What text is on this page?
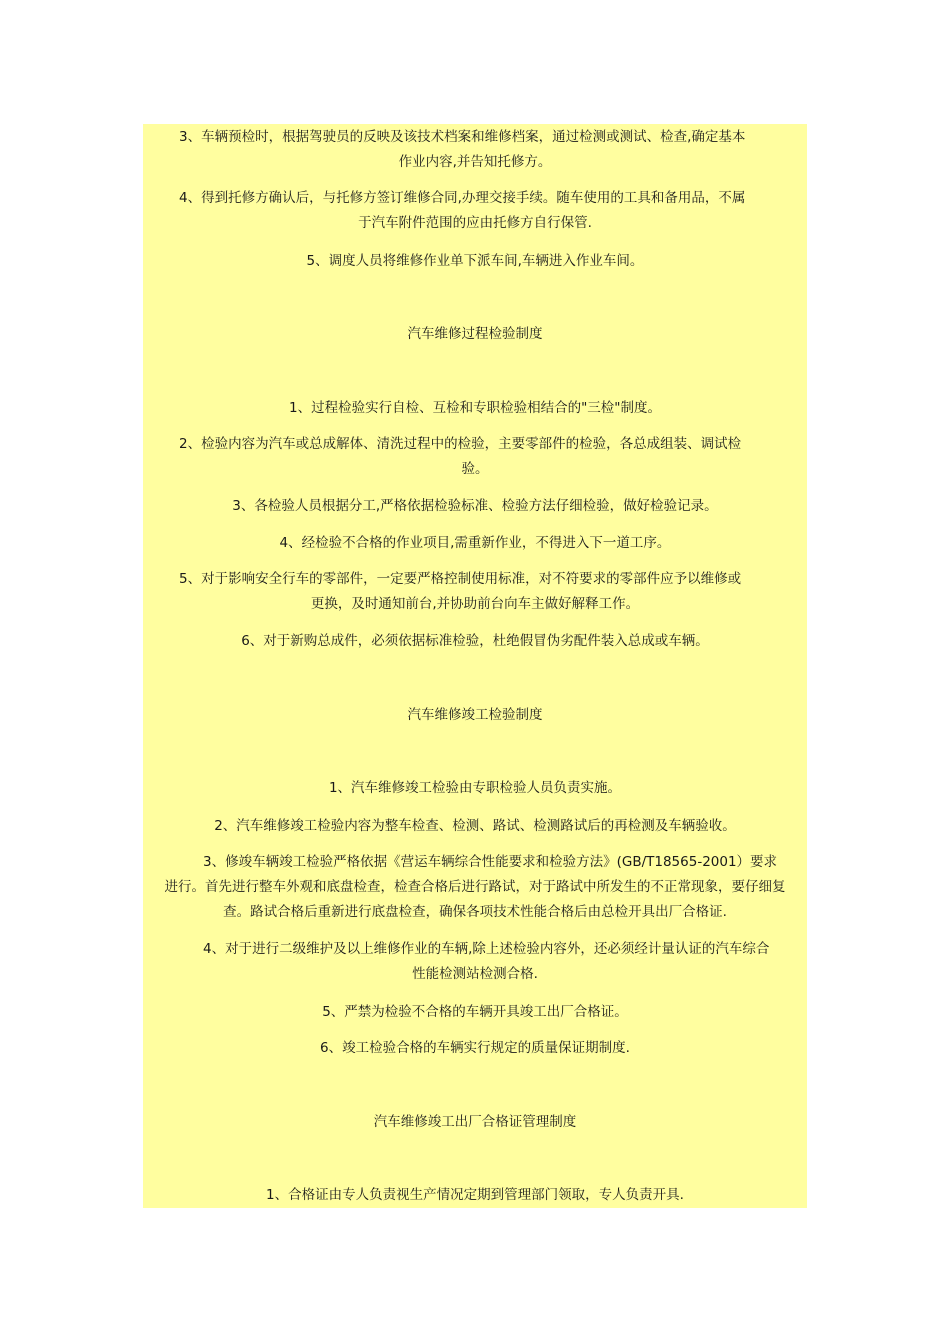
3、车辆预检时，根据驾驶员的反映及该技术档案和维修档案，通过检测或测试、检查,确定基本

作业内容,并告知托修方。

4、得到托修方确认后，与托修方签订维修合同,办理交接手续。随车使用的工具和备用品，不属

于汽车附件范围的应由托修方自行保管.

5、调度人员将维修作业单下派车间,车辆进入作业车间。

汽车维修过程检验制度

1、过程检验实行自检、互检和专职检验相结合的"三检"制度。

2、检验内容为汽车或总成解体、清洗过程中的检验，主要零部件的检验，各总成组装、调试检

验。

3、各检验人员根据分工,严格依据检验标准、检验方法仔细检验，做好检验记录。

4、经检验不合格的作业项目,需重新作业，不得进入下一道工序。

5、对于影响安全行车的零部件，一定要严格控制使用标准，对不符要求的零部件应予以维修或

更换，及时通知前台,并协助前台向车主做好解释工作。

6、对于新购总成件，必须依据标准检验，杜绝假冒伪劣配件装入总成或车辆。

汽车维修竣工检验制度

1、汽车维修竣工检验由专职检验人员负责实施。

2、汽车维修竣工检验内容为整车检查、检测、路试、检测路试后的再检测及车辆验收。

3、修竣车辆竣工检验严格依据《营运车辆综合性能要求和检验方法》(GB/T18565-2001）要求

进行。首先进行整车外观和底盘检查，检查合格后进行路试，对于路试中所发生的不正常现象，要仔细复

查。路试合格后重新进行底盘检查，确保各项技术性能合格后由总检开具出厂合格证.

4、对于进行二级维护及以上维修作业的车辆,除上述检验内容外，还必须经计量认证的汽车综合

性能检测站检测合格.

5、严禁为检验不合格的车辆开具竣工出厂合格证。

6、竣工检验合格的车辆实行规定的质量保证期制度.

汽车维修竣工出厂合格证管理制度

1、合格证由专人负责视生产情况定期到管理部门领取，专人负责开具.
